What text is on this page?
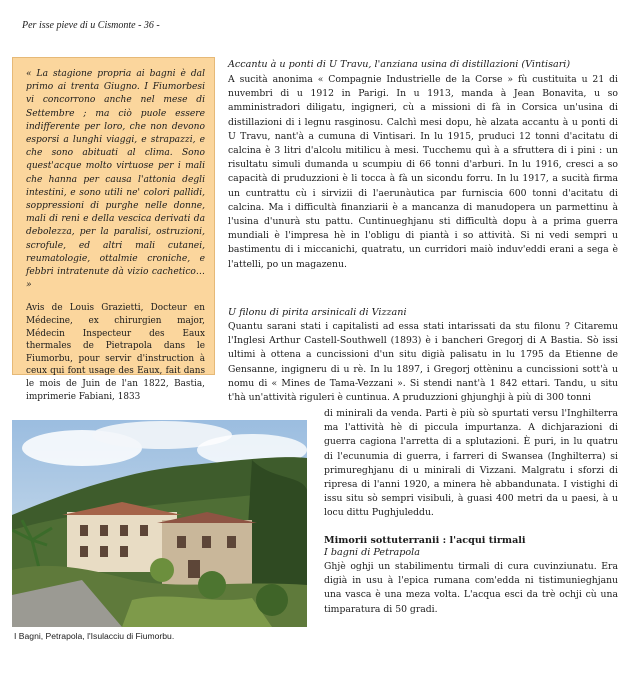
Per isse pieve di u Cismonte - 36 -

« La stagione propria ai bagni è dal primo ai trenta Giugno. I Fiumorbesi vi concorrono anche nel mese di Settembre ; ma ciò puole essere indifferente per loro, che non devono esporsi a lunghi viaggi, e strapazzi, e che sono abituati al clima. Sono quest'acque molto virtuose per i mali che hanna per causa l'attonia degli intestini, e sono utili ne' colori pallidi, soppressioni di purghe nelle donne, mali di reni e della vescica derivati da debolezza, per la paralisi, ostruzioni, scrofule, ed altri mali cutanei, reumatologie, ottalmie croniche, e febbri intratenute dà vizio cachetico… »

Avis de Louis Grazietti, Docteur en Médecine, ex chirurgien major, Médecin Inspecteur des Eaux thermales de Pietrapola dans le Fiumorbu, pour servir d'instruction à ceux qui font usage des Eaux, fait dans le mois de Juin de l'an 1822, Bastia, imprimerie Fabiani, 1833

I Bagni, Petrapola, l'Isulacciu di Fiumorbu.

Accantu à u ponti di U Travu, l'anziana usina di distillazioni (Vintisari)

A sucità anonima « Compagnie Industrielle de la Corse » fù custituita u 21 di nuvembri di u 1912 in Parigi. In u 1913, manda à Jean Bonavita, u so amministradori diligatu, ingigneri, cù a missioni di fà in Corsica un'usina di distillazioni di i legnu rasginosu. Calchì mesi dopu, hè alzata accantu à u ponti di U Travu, nant'à a cumuna di Vintisari. In lu 1915, pruduci 12 tonni d'acitatu di calcina è 3 litri d'alcolu mitilicu à mesi. Tucchemu quì à a sfruttera di i pini : un risultatu simuli dumanda u scumpiu di 66 tonni d'arburi. In lu 1916, cresci a so capacità di pruduzzioni è li tocca à fà un sicondu forru. In lu 1917, a sucità firma un cuntrattu cù i sirvizii di l'aerunàutica par furniscia 600 tonni d'acitatu di calcina. Ma i difficultà finanziarii è a mancanza di manudopera un parmettinu à l'usina d'unurà stu pattu. Cuntinueghjanu sti difficultà dopu à a prima guerra mundiali è l'impresa hè in l'obligu di piantà i so attività. Si ni vedi sempri u bastimentu di i miccanichi, quatratu, un curridori maiò induv'eddi erani a sega è l'attelli, po un magazenu.

U filonu di pirita arsinicali di Vizzani

Quantu sarani stati i capitalisti ad essa stati intarissati da stu filonu ? Citaremu l'Inglesi Arthur Castell-Southwell (1893) è i bancheri Gregorj di A Bastia. Sò issi ultimi à ottena a cuncissioni d'un situ digià palisatu in lu 1795 da Etienne de Gensanne, ingigneru di u rè. In lu 1897, i Gregorj ottèninu a cuncissioni sott'à u nomu di « Mines de Tama-Vezzani ». Si stendi nant'à 1 842 ettari. Tandu, u situ t'hà un'attività riguleri è cuntinua. A pruduzzioni ghjunghji à più di 300 tonni

di minirali da venda. Parti è più sò spurtati versu l'Inghilterra ma l'attività hè di piccula impurtanza. A dichjarazioni di guerra cagiona l'arretta di a splutazioni. È puri, in lu quatru di l'ecunumia di guerra, i farreri di Swansea (Inghilterra) si primureghjanu di u minirali di Vizzani. Malgratu i sforzi di ripresa di l'anni 1920, a minera hè abbandunata. I vistighi di issu situ sò sempri visibuli, à guasi 400 metri da u paesi, à u locu dittu Pughjuleddu.

Mimorii sottuterranii : l'acqui tirmali

I bagni di Petrapola

Ghjè oghji un stabilimentu tirmali di cura cuvinziunatu. Era digià in usu à l'epica rumana com'edda ni tistimunieghjanu una vasca è una meza volta. L'acqua esci da trè ochji cù una timparatura di 50 gradi.
